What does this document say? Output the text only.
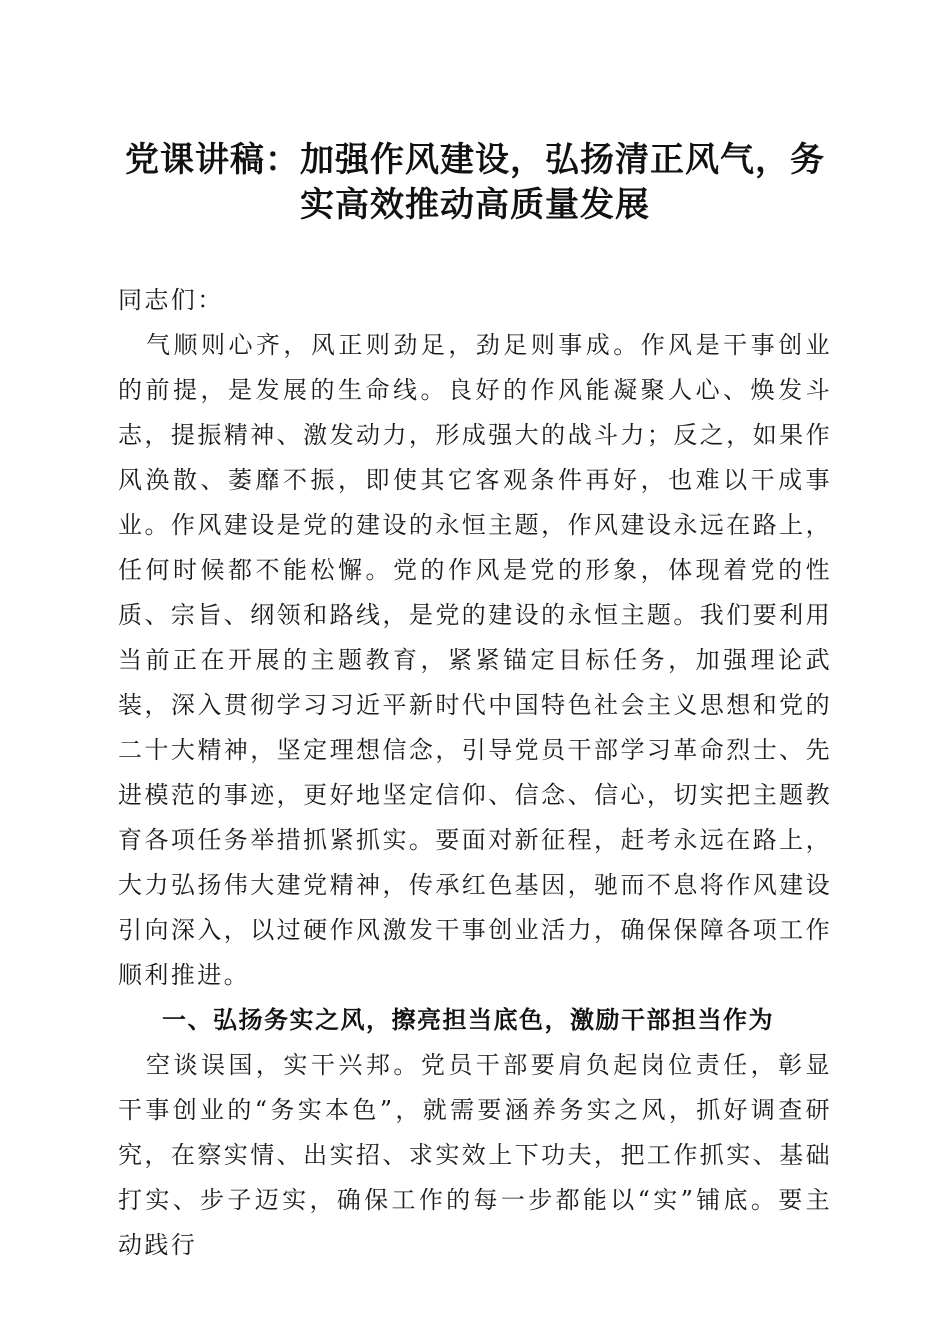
党课讲稿：加强作风建设，弘扬清正风气，务实高效推动高质量发展

同志们：

气顺则心齐，风正则劲足，劲足则事成。作风是干事创业的前提，是发展的生命线。良好的作风能凝聚人心、焕发斗志，提振精神、激发动力，形成强大的战斗力；反之，如果作风涣散、萎靡不振，即使其它客观条件再好，也难以干成事业。作风建设是党的建设的永恒主题，作风建设永远在路上，任何时候都不能松懈。党的作风是党的形象，体现着党的性质、宗旨、纲领和路线，是党的建设的永恒主题。我们要利用当前正在开展的主题教育，紧紧锚定目标任务，加强理论武装，深入贯彻学习习近平新时代中国特色社会主义思想和党的二十大精神，坚定理想信念，引导党员干部学习革命烈士、先进模范的事迹，更好地坚定信仰、信念、信心，切实把主题教育各项任务举措抓紧抓实。要面对新征程，赶考永远在路上，大力弘扬伟大建党精神，传承红色基因，驰而不息将作风建设引向深入，以过硬作风激发干事创业活力，确保保障各项工作顺利推进。

一、弘扬务实之风，擦亮担当底色，激励干部担当作为

空谈误国，实干兴邦。党员干部要肩负起岗位责任，彰显干事创业的“务实本色”，就需要涵养务实之风，抓好调查研究，在察实情、出实招、求实效上下功夫，把工作抓实、基础打实、步子迈实，确保工作的每一步都能以“实”铺底。要主动践行
